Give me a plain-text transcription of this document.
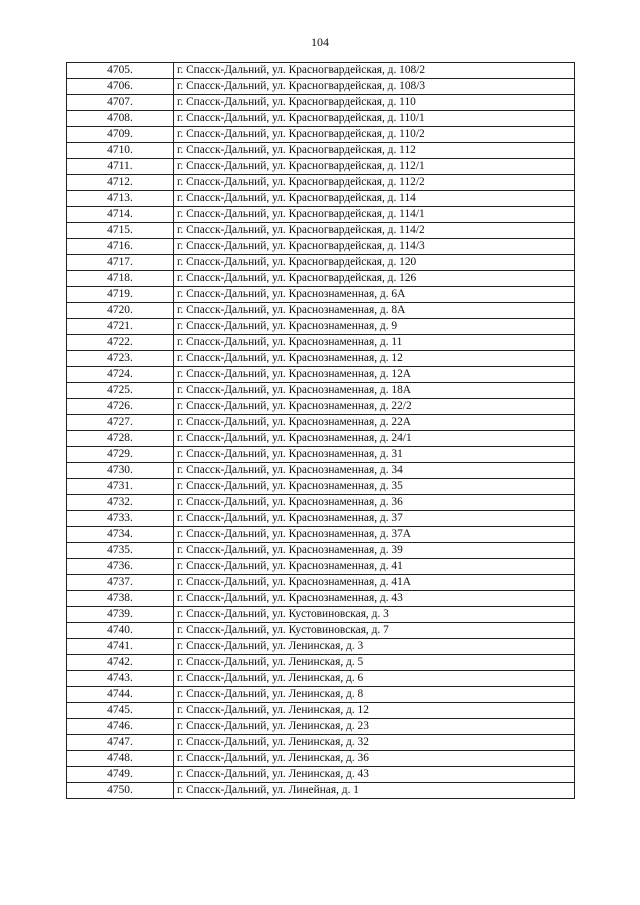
104
4705.	г. Спасск-Дальний, ул. Красногвардейская, д. 108/2
4706.	г. Спасск-Дальний, ул. Красногвардейская, д. 108/3
4707.	г. Спасск-Дальний, ул. Красногвардейская, д. 110
4708.	г. Спасск-Дальний, ул. Красногвардейская, д. 110/1
4709.	г. Спасск-Дальний, ул. Красногвардейская, д. 110/2
4710.	г. Спасск-Дальний, ул. Красногвардейская, д. 112
4711.	г. Спасск-Дальний, ул. Красногвардейская, д. 112/1
4712.	г. Спасск-Дальний, ул. Красногвардейская, д. 112/2
4713.	г. Спасск-Дальний, ул. Красногвардейская, д. 114
4714.	г. Спасск-Дальний, ул. Красногвардейская, д. 114/1
4715.	г. Спасск-Дальний, ул. Красногвардейская, д. 114/2
4716.	г. Спасск-Дальний, ул. Красногвардейская, д. 114/3
4717.	г. Спасск-Дальний, ул. Красногвардейская, д. 120
4718.	г. Спасск-Дальний, ул. Красногвардейская, д. 126
4719.	г. Спасск-Дальний, ул. Краснознаменная, д. 6А
4720.	г. Спасск-Дальний, ул. Краснознаменная, д. 8А
4721.	г. Спасск-Дальний, ул. Краснознаменная, д. 9
4722.	г. Спасск-Дальний, ул. Краснознаменная, д. 11
4723.	г. Спасск-Дальний, ул. Краснознаменная, д. 12
4724.	г. Спасск-Дальний, ул. Краснознаменная, д. 12А
4725.	г. Спасск-Дальний, ул. Краснознаменная, д. 18А
4726.	г. Спасск-Дальний, ул. Краснознаменная, д. 22/2
4727.	г. Спасск-Дальний, ул. Краснознаменная, д. 22А
4728.	г. Спасск-Дальний, ул. Краснознаменная, д. 24/1
4729.	г. Спасск-Дальний, ул. Краснознаменная, д. 31
4730.	г. Спасск-Дальний, ул. Краснознаменная, д. 34
4731.	г. Спасск-Дальний, ул. Краснознаменная, д. 35
4732.	г. Спасск-Дальний, ул. Краснознаменная, д. 36
4733.	г. Спасск-Дальний, ул. Краснознаменная, д. 37
4734.	г. Спасск-Дальний, ул. Краснознаменная, д. 37А
4735.	г. Спасск-Дальний, ул. Краснознаменная, д. 39
4736.	г. Спасск-Дальний, ул. Краснознаменная, д. 41
4737.	г. Спасск-Дальний, ул. Краснознаменная, д. 41А
4738.	г. Спасск-Дальний, ул. Краснознаменная, д. 43
4739.	г. Спасск-Дальний, ул. Кустовиновская, д. 3
4740.	г. Спасск-Дальний, ул. Кустовиновская, д. 7
4741.	г. Спасск-Дальний, ул. Ленинская, д. 3
4742.	г. Спасск-Дальний, ул. Ленинская, д. 5
4743.	г. Спасск-Дальний, ул. Ленинская, д. 6
4744.	г. Спасск-Дальний, ул. Ленинская, д. 8
4745.	г. Спасск-Дальний, ул. Ленинская, д. 12
4746.	г. Спасск-Дальний, ул. Ленинская, д. 23
4747.	г. Спасск-Дальний, ул. Ленинская, д. 32
4748.	г. Спасск-Дальний, ул. Ленинская, д. 36
4749.	г. Спасск-Дальний, ул. Ленинская, д. 43
4750.	г. Спасск-Дальний, ул. Линейная, д. 1
